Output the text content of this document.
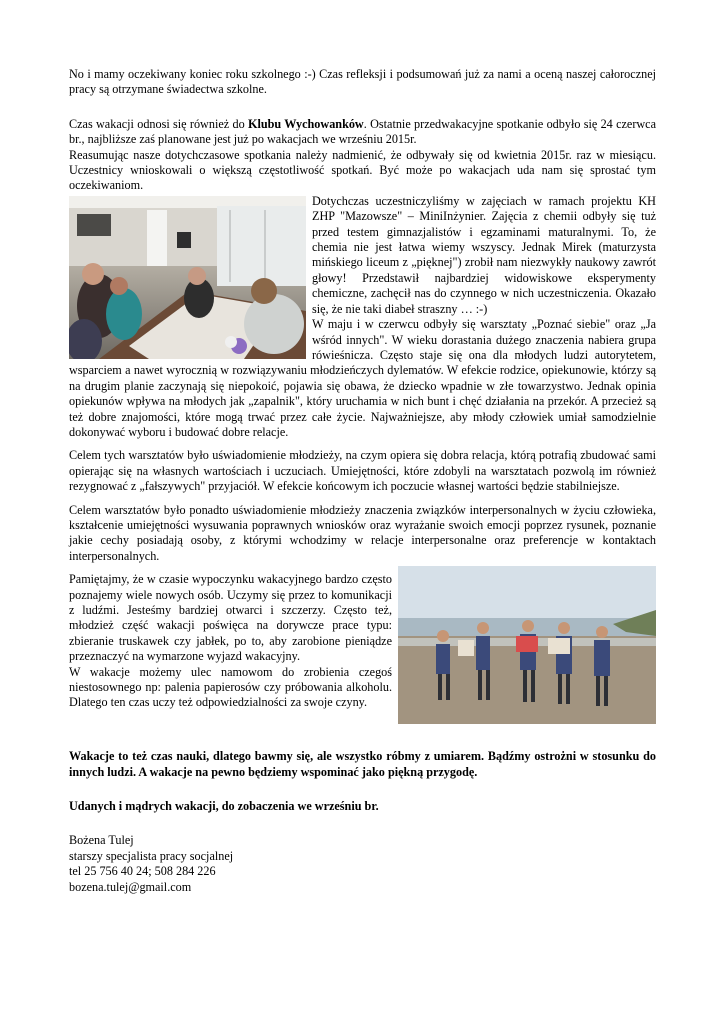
No i mamy oczekiwany koniec roku szkolnego :-) Czas refleksji i podsumowań już za nami a oceną naszej całorocznej pracy są otrzymane świadectwa szkolne.

Czas wakacji odnosi się również do Klubu Wychowanków. Ostatnie przedwakacyjne spotkanie odbyło się 24 czerwca br., najbliższe zaś planowane jest już po wakacjach we wrześniu 2015r.

Reasumując nasze dotychczasowe spotkania należy nadmienić, że odbywały się od kwietnia 2015r. raz w miesiącu. Uczestnicy wnioskowali o większą częstotliwość spotkań. Być może po wakacjach uda nam się sprostać tym oczekiwaniom.

Dotychczas uczestniczyliśmy w zajęciach w ramach projektu KH ZHP "Mazowsze" – MiniInżynier. Zajęcia z chemii odbyły się tuż przed testem gimnazjalistów i egzaminami maturalnymi. To, że chemia nie jest łatwa wiemy wszyscy. Jednak Mirek (maturzysta mińskiego liceum z „pięknej") zrobił nam niezwykły naukowy zawrót głowy! Przedstawił najbardziej widowiskowe eksperymenty chemiczne, zachęcił nas do czynnego w nich uczestniczenia. Okazało się, że nie taki diabeł straszny … :-)

W maju i w czerwcu odbyły się warsztaty „Poznać siebie" oraz „Ja wśród innych". W wieku dorastania dużego znaczenia nabiera grupa rówieśnicza. Często staje się ona dla młodych ludzi autorytetem, wsparciem a nawet wyrocznią w rozwiązywaniu młodzieńczych dylematów. W efekcie rodzice, opiekunowie, którzy są na drugim planie zaczynają się niepokoić, pojawia się obawa, że dziecko wpadnie w złe towarzystwo. Jednak opinia opiekunów wpływa na młodych jak „zapalnik", który uruchamia w nich bunt i chęć działania na przekór. A przecież są też dobre znajomości, które mogą trwać przez całe życie. Najważniejsze, aby młody człowiek umiał samodzielnie dokonywać wyboru i budować dobre relacje.

Celem tych warsztatów było uświadomienie młodzieży, na czym opiera się dobra relacja, którą potrafią zbudować sami opierając się na własnych wartościach i uczuciach. Umiejętności, które zdobyli na warsztatach pozwolą im również rezygnować z „fałszywych" przyjaciół. W efekcie końcowym ich poczucie własnej wartości będzie stabilniejsze.

Celem warsztatów było ponadto uświadomienie młodzieży znaczenia związków interpersonalnych w życiu człowieka, kształcenie umiejętności wysuwania poprawnych wniosków oraz wyrażanie swoich emocji poprzez rysunek, poznanie jakie cechy posiadają osoby, z którymi wchodzimy w relacje interpersonalne oraz preferencje w kontaktach interpersonalnych.

Pamiętajmy, że w czasie wypoczynku wakacyjnego bardzo często poznajemy wiele nowych osób. Uczymy się przez to komunikacji z ludźmi. Jesteśmy bardziej otwarci i szczerzy. Często też, młodzież część wakacji poświęca na dorywcze prace typu: zbieranie truskawek czy jabłek, po to, aby zarobione pieniądze przeznaczyć na wymarzone wyjazd wakacyjny.

W wakacje możemy ulec namowom do zrobienia czegoś niestosownego np: palenia papierosów czy próbowania alkoholu. Dlatego ten czas uczy też odpowiedzialności za swoje czyny.

Wakacje to też czas nauki, dlatego bawmy się, ale wszystko róbmy z umiarem. Bądźmy ostrożni w stosunku do innych ludzi. A wakacje na pewno będziemy wspominać jako piękną przygodę.

Udanych i mądrych wakacji, do zobaczenia we wrześniu br.

Bożena Tulej
starszy specjalista pracy socjalnej
tel 25 756 40 24; 508 284 226
bozena.tulej@gmail.com
